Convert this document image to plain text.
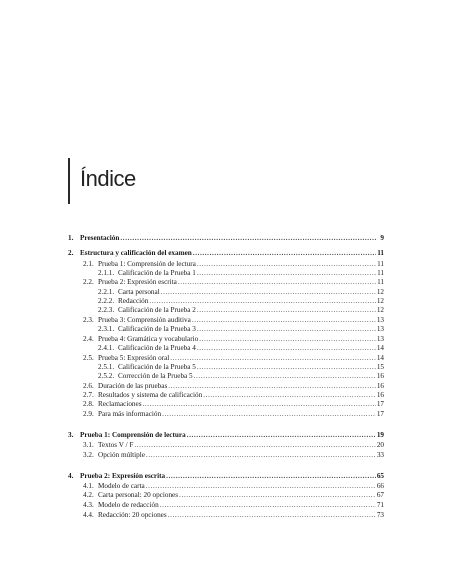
Índice
1. Presentación .....	9
2. Estructura y calificación del examen .....	11
2.1. Prueba 1: Comprensión de lectura .....	11
2.1.1. Calificación de la Prueba 1 .....	11
2.2. Prueba 2: Expresión escrita .....	11
2.2.1. Carta personal .....	12
2.2.2. Redacción .....	12
2.2.3. Calificación de la Prueba 2 .....	12
2.3. Prueba 3: Comprensión auditiva .....	13
2.3.1. Calificación de la Prueba 3 .....	13
2.4. Prueba 4: Gramática y vocabulario .....	13
2.4.1. Calificación de la Prueba 4 .....	14
2.5. Prueba 5: Expresión oral .....	14
2.5.1. Calificación de la Prueba 5 .....	15
2.5.2. Corrección de la Prueba 5 .....	16
2.6. Duración de las pruebas .....	16
2.7. Resultados y sistema de calificación .....	16
2.8. Reclamaciones .....	17
2.9. Para más información .....	17
3. Prueba 1: Comprensión de lectura .....	19
3.1. Textos V / F .....	20
3.2. Opción múltiple .....	33
4. Prueba 2: Expresión escrita .....	65
4.1. Modelo de carta .....	66
4.2. Carta personal: 20 opciones .....	67
4.3. Modelo de redacción .....	71
4.4. Redacción: 20 opciones .....	73
